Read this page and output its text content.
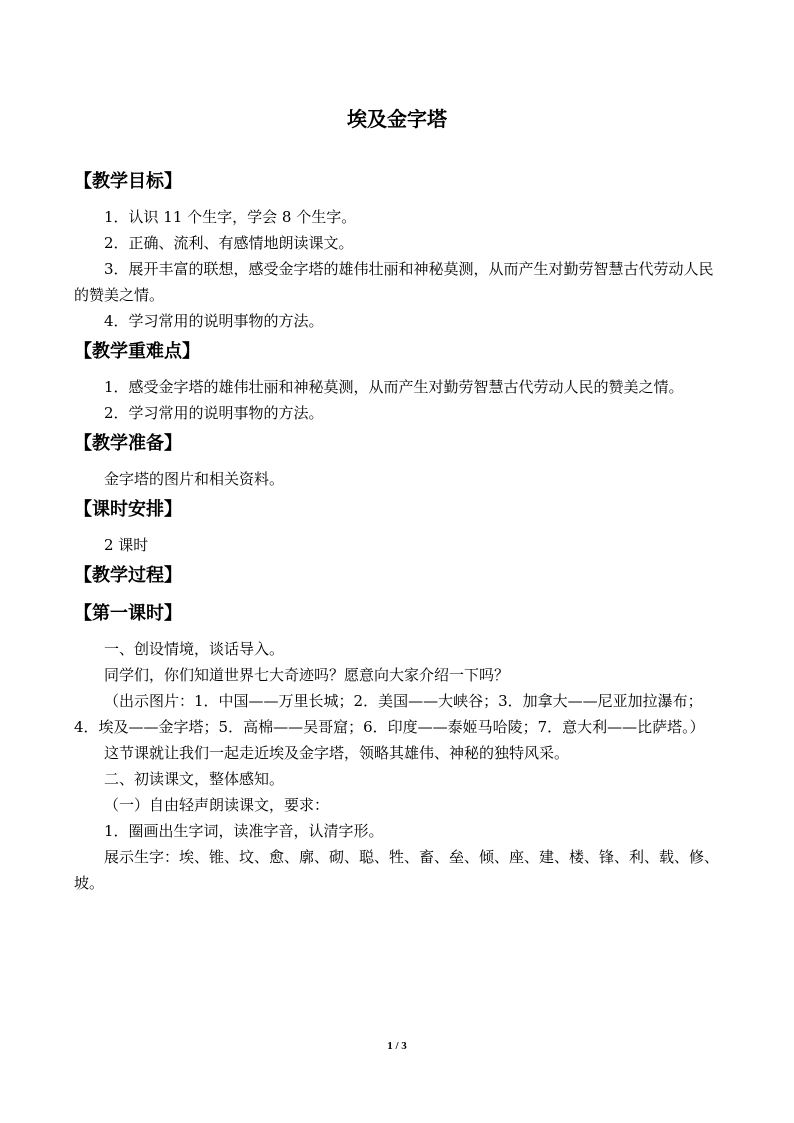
埃及金字塔
【教学目标】

1．认识 11 个生字，学会 8 个生字。

2．正确、流利、有感情地朗读课文。

3．展开丰富的联想，感受金字塔的雄伟壮丽和神秘莫测，从而产生对勤劳智慧古代劳动人民的赞美之情。

4．学习常用的说明事物的方法。

【教学重难点】

1．感受金字塔的雄伟壮丽和神秘莫测，从而产生对勤劳智慧古代劳动人民的赞美之情。

2．学习常用的说明事物的方法。

【教学准备】

金字塔的图片和相关资料。

【课时安排】

2 课时

【教学过程】
【第一课时】

一、创设情境，谈话导入。

同学们，你们知道世界七大奇迹吗？愿意向大家介绍一下吗？

（出示图片：1．中国——万里长城；2．美国——大峡谷；3．加拿大——尼亚加拉瀑布；4．埃及——金字塔；5．高棉——吴哥窟；6．印度——泰姬马哈陵；7．意大利——比萨塔。）

这节课就让我们一起走近埃及金字塔，领略其雄伟、神秘的独特风采。

二、初读课文，整体感知。

（一）自由轻声朗读课文，要求：

1．圈画出生字词，读准字音，认清字形。

展示生字：埃、锥、坟、愈、廓、砌、聪、牲、畜、垒、倾、座、建、楼、锋、利、载、修、坡。

1 / 3
